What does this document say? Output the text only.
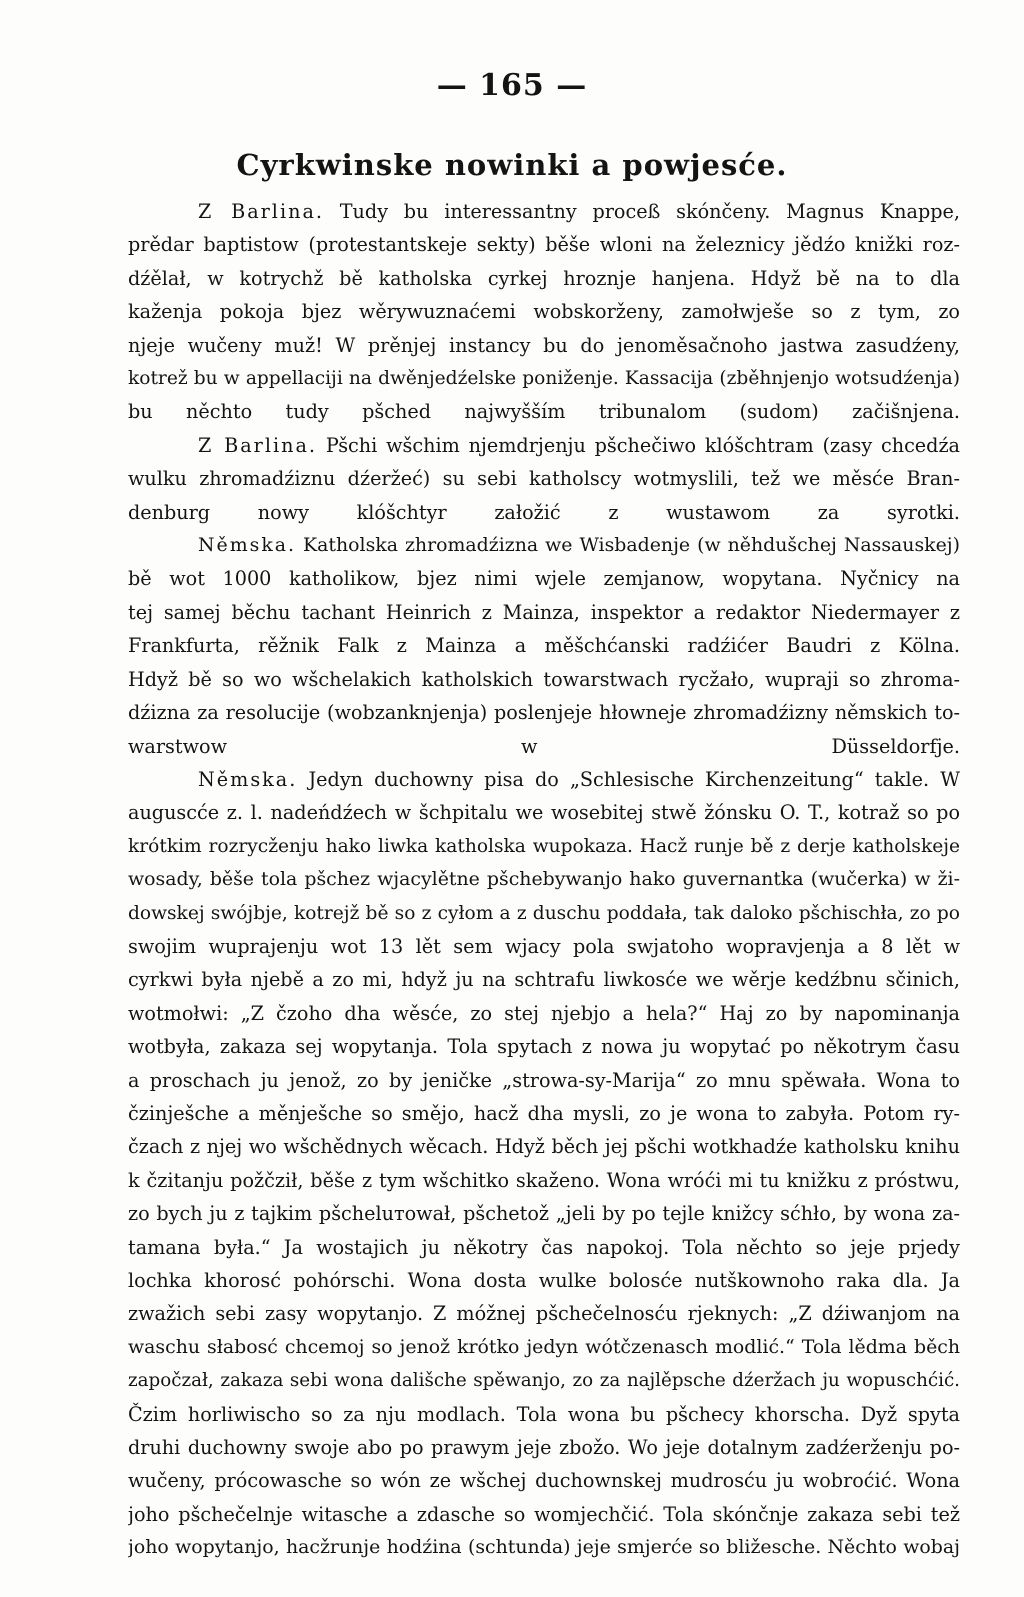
— 165 —
Cyrkwinske nowinki a powjesće.
Z Barlina. Tudy bu interessantny proceß skónčeny. Magnus Knappe,
prědar baptistow (protestantskeje sekty) běše wloni na železnicy jědźo knižki roz-
dźělał, w kotrychž bě katholska cyrkej hroznje hanjena. Hdyž bě na to dla
kaženja pokoja bjez wěrywuznaćemi wobskorženy, zamołwješe so z tym, zo
njeje wučeny muž! W prěnjej instancy bu do jenoměsačnoho jastwa zasudźeny,
kotrež bu w appellaciji na dwěnjedźelske poniženje. Kassacija (zběhnjenjo wotsudźenja)
bu něchto tudy pšched najwyšším tribunalom (sudom) začišnjena.
Z Barlina. Pšchi wšchim njemdrjenju pšchečiwo klóšchtram (zasy chcedźa
wulku zhromadźiznu dźeržeć) su sebi katholscy wotmyslili, tež we měsće Bran-
denburg nowy klóšchtyr załožić z wustawom za syrotki.
Němska. Katholska zhromadźizna we Wisbadenje (w něhdušchej Nassauskej)
bě wot 1000 katholikow, bjez nimi wjele zemjanow, wopytana. Nyčnicy na
tej samej běchu tachant Heinrich z Mainza, inspektor a redaktor Niedermayer z
Frankfurta, rěžnik Falk z Mainza a měšchćanski radźićer Baudri z Kölna.
Hdyž bě so wo wšchelakich katholskich towarstwach rycžało, wupraji so zhroma-
dźizna za resolucije (wobzanknjenja) poslenjeje hłowneje zhromadźizny němskich to-
warstwow w Düsseldorfje.
Němska. Jedyn duchowny pisa do „Schlesische Kirchenzeitung“ takle. W
auguscće z. l. nadeńdźech w šchpitalu we wosebitej stwě žónsku O. T., kotraž so po
krótkim rozrycženju hako liwka katholska wupokaza. Hacž runje bě z derje katholskeje
wosady, běše tola pšchez wjacylětne pšchebywanjo hako guvernantka (wučerka) w ži-
dowskej swójbje, kotrejž bě so z cyłom a z duschu poddała, tak daloko pšchischła, zo po
swojim wuprajenju wot 13 lět sem wjacy pola swjatoho wopravjenja a 8 lět w
cyrkwi była njebě a zo mi, hdyž ju na schtrafu liwkosće we wěrje kedźbnu sčinich,
wotmołwi: „Z čzoho dha wěsće, zo stej njebjo a hela?“ Haj zo by napominanja
wotbyła, zakaza sej wopytanja. Tola spytach z nowa ju wopytać po někotrym času
a proschach ju jenož, zo by jeničke „strowa-sy-Marija“ zo mnu spěwała. Wona to
čzinješche a měnješche so směјo, hacž dha mysli, zo je wona to zabyła. Potom ry-
čzach z njej wo wšchědnych wěcach. Hdyž běch jej pšchi wotkhadźe katholsku knihu
k čzitanju požčził, běše z tym wšchitko skaženo. Wona wróći mi tu knižku z próstwu,
zo bych ju z tajkim pšcheluтował, pšchetož „jeli by po tejle knižcy sćhło, by wona za-
tamana była.“ Ja wostajich ju někotry čas napokoj. Tola něchto so jeje prjedy
lochka khorosć pohórschi. Wona dosta wulke bolosće nutškownoho raka dla. Ja
zwažich sebi zasy wopytanjo. Z móžnej pšchečelnosću rjeknych: „Z dźiwanjom na
waschu słabosć chcemoj so jenož krótko jedyn wótčzenasch modlić.“ Tola lědma běch
započzał, zakaza sebi wona dališche spěwanjo, zo za najlěpsche dźeržach ju wopuschćić.
Čzim horliwischo so za nju modlach. Tola wona bu pšchecy khorscha. Dyž spyta
druhi duchowny swoje abo po prawym jeje zbožo. Wo jeje dotalnym zadźerženju po-
wučeny, prócowasche so wón ze wšchej duchownskej mudrosću ju wobroćić. Wona
joho pšchečelnje witasche a zdasche so womjechčić. Tola skónčnje zakaza sebi tež
joho wopytanjo, hacžrunje hodźina (schtunda) jeje smjerće so bližesche. Něchto wobaj
